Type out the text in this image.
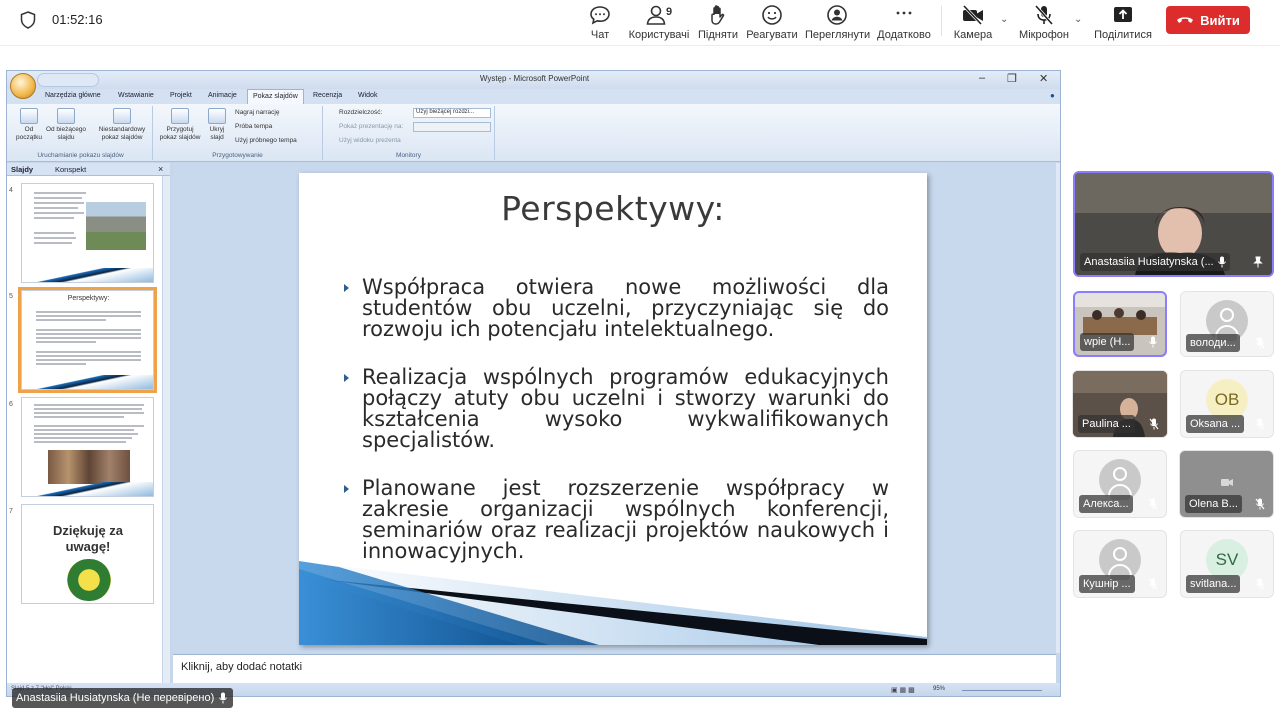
01:52:16
Чат
9
Користувачі Підняти Реагувати Переглянути Додатково Камера
⌄
Мікрофон
⌄
Поділитися
Вийти
Występ - Microsoft PowerPoint	– ❐ ✕
Narzędzia główne Wstawianie Projekt Animacje	Pokaz slajdów	Recenzja Widok	●
Od
początku
Od bieżącego
slajdu
Niestandardowy
pokaz slajdów
Uruchamianie pokazu slajdów
Przygotuj
pokaz slajdów
Ukryj
slajd
Nagraj narrację
Próba tempa
Użyj próbnego tempa
Przygotowywanie
Rozdzielczość:	Użyj bieżącej rozdzi...
Pokaż prezentację na:
Użyj widoku prezenta
Monitory
Slajdy	Konspekt	×
4
5	Perspektywy:
6
7
Dziękuję za uwagę!
Perspektywy:
Współpraca otwiera nowe możliwości dla studentów obu uczelni, przyczyniając się do rozwoju ich potencjału intelektualnego.
Realizacja wspólnych programów edukacyjnych połączy atuty obu uczelni i stworzy warunki do kształcenia wysoko wykwalifikowanych specjalistów.
Planowane jest rozszerzenie współpracy w zakresie organizacji wspólnych konferencji, seminariów oraz realizacji projektów naukowych i innowacyjnych.
Kliknij, aby dodać notatki
▣ ▦ ▩	95%
Anastasiia Husiatynska (Не перевірено)
Anastasiia Husiatynska (...
wpie (Н...	володи...
Paulina ...
OB
Oksana ...
Алекса...	Olena B...
Кушнір ...
SV
svitlana...
